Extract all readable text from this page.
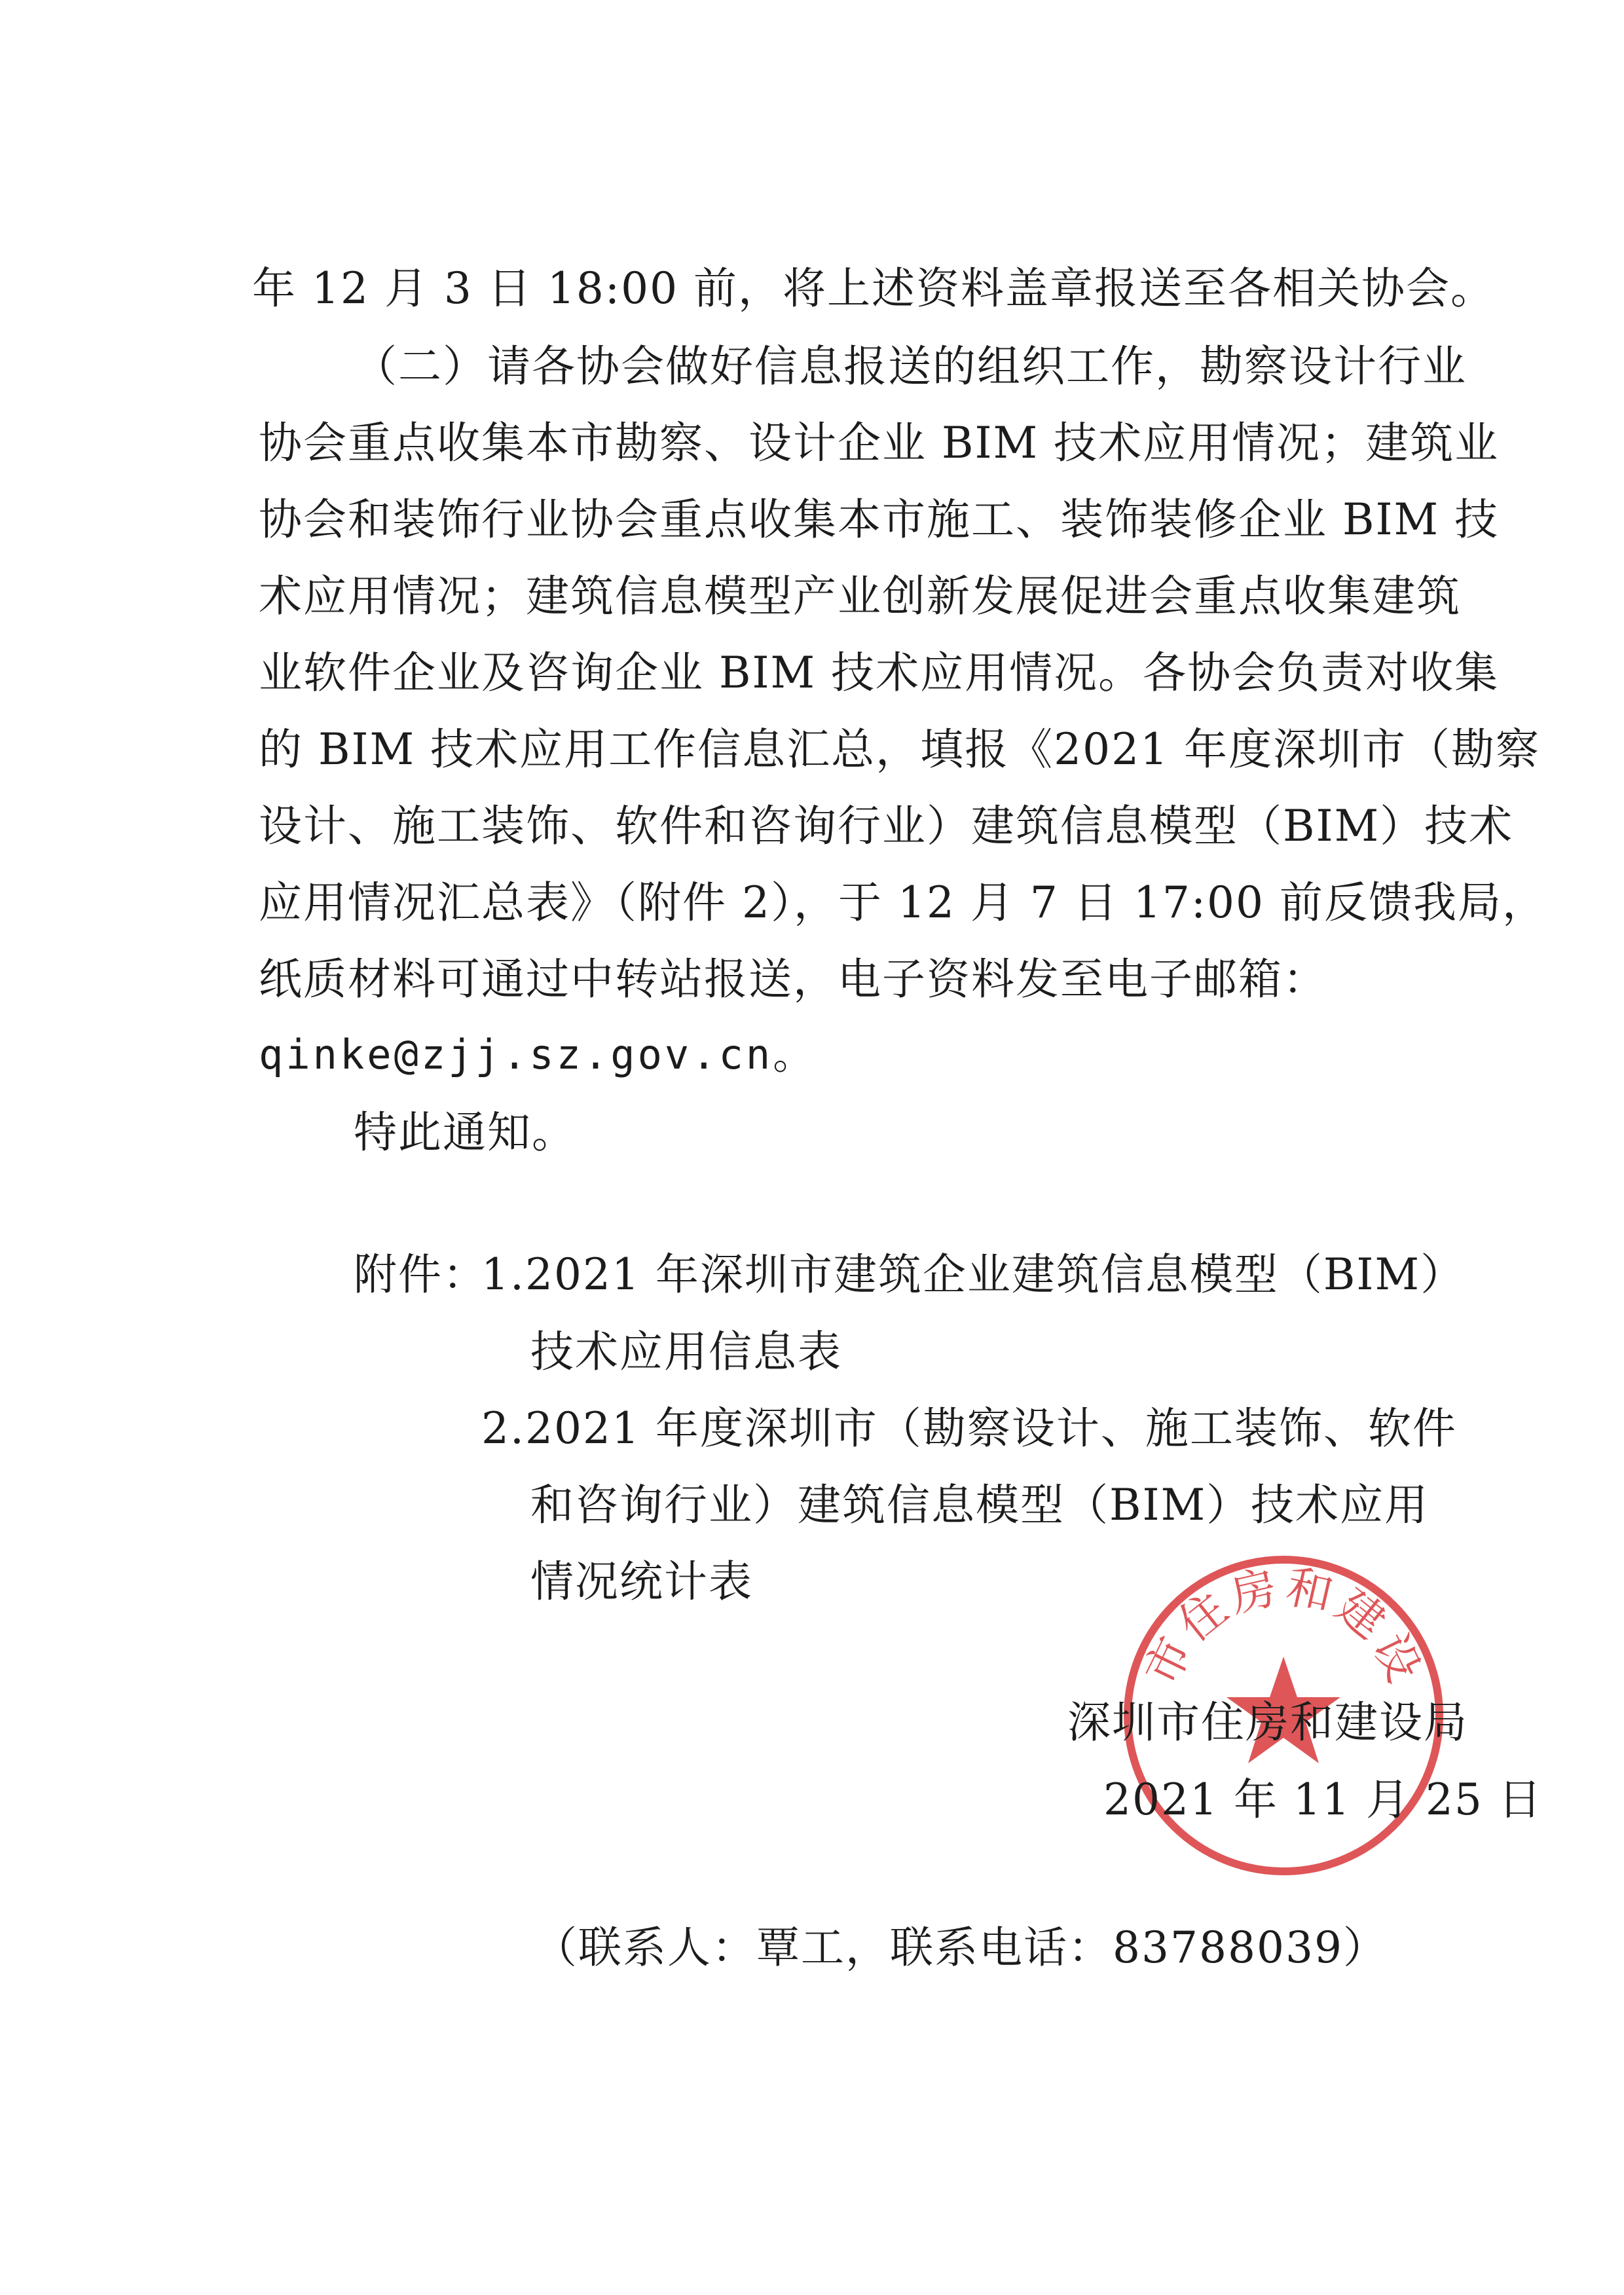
年 12 月 3 日 18:00 前，将上述资料盖章报送至各相关协会。
（二）请各协会做好信息报送的组织工作，勘察设计行业
协会重点收集本市勘察、设计企业 BIM 技术应用情况；建筑业
协会和装饰行业协会重点收集本市施工、装饰装修企业 BIM 技
术应用情况；建筑信息模型产业创新发展促进会重点收集建筑
业软件企业及咨询企业 BIM 技术应用情况。各协会负责对收集
的 BIM 技术应用工作信息汇总，填报《2021 年度深圳市（勘察
设计、施工装饰、软件和咨询行业）建筑信息模型（BIM）技术
应用情况汇总表》（附件 2），于 12 月 7 日 17:00 前反馈我局，
纸质材料可通过中转站报送，电子资料发至电子邮箱：
qinke@zjj.sz.gov.cn。
特此通知。
附件：
1.2021 年深圳市建筑企业建筑信息模型（BIM）
技术应用信息表
2.2021 年度深圳市（勘察设计、施工装饰、软件
和咨询行业）建筑信息模型（BIM）技术应用
情况统计表
市住房和建设
深圳市住房和建设局
2021 年 11 月 25 日
（联系人：覃工，联系电话：83788039）
